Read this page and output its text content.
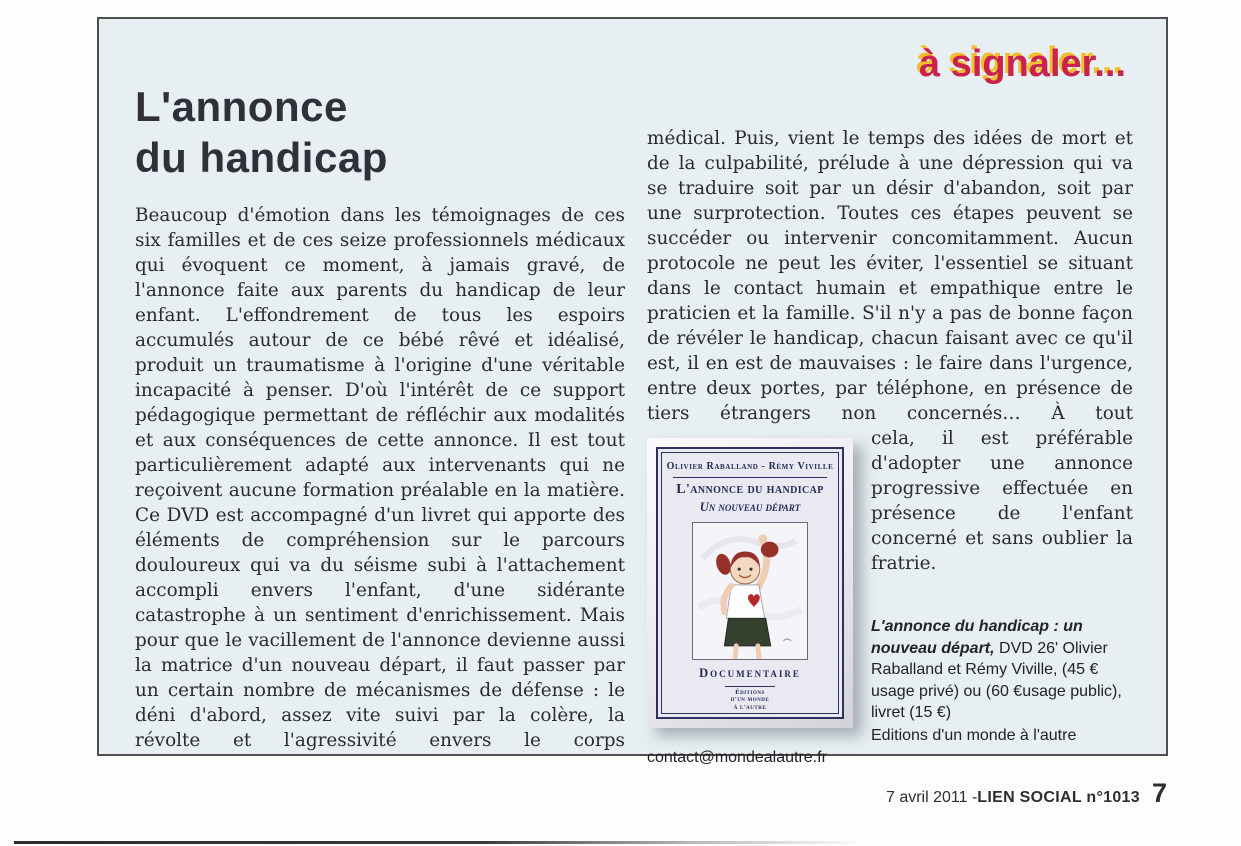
à signaler...
L'annonce
du handicap

Beaucoup d'émotion dans les témoignages de ces six familles et de ces seize professionnels médicaux qui évoquent ce moment, à jamais gravé, de l'annonce faite aux parents du handicap de leur enfant. L'effondrement de tous les espoirs accumulés autour de ce bébé rêvé et idéalisé, produit un traumatisme à l'origine d'une véritable incapacité à penser. D'où l'intérêt de ce support pédagogique permettant de réfléchir aux modalités et aux conséquences de cette annonce. Il est tout particulièrement adapté aux intervenants qui ne reçoivent aucune formation préalable en la matière. Ce DVD est accompagné d'un livret qui apporte des éléments de compréhension sur le parcours douloureux qui va du séisme subi à l'attachement accompli envers l'enfant, d'une sidérante catastrophe à un sentiment d'enrichissement. Mais pour que le vacillement de l'annonce devienne aussi la matrice d'un nouveau départ, il faut passer par un certain nombre de mécanismes de défense : le déni d'abord, assez vite suivi par la colère, la révolte et l'agressivité envers le corps

médical. Puis, vient le temps des idées de mort et de la culpabilité, prélude à une dépression qui va se traduire soit par un désir d'abandon, soit par une surprotection. Toutes ces étapes peuvent se succéder ou intervenir concomitamment. Aucun protocole ne peut les éviter, l'essentiel se situant dans le contact humain et empathique entre le praticien et la famille. S'il n'y a pas de bonne façon de révéler le handicap, chacun faisant avec ce qu'il est, il en est de mauvaises : le faire dans l'urgence, entre deux portes, par téléphone, en présence de tiers étrangers non concernés… À tout

Olivier Raballand - Rémy Viville
L'annonce du handicap
Un nouveau départ
Documentaire
Éditions
d'un monde
à l'autre

cela, il est préférable d'adopter une annonce progressive effectuée en présence de l'enfant concerné et sans oublier la fratrie.

L'annonce du handicap : un nouveau départ, DVD 26' Olivier Raballand et Rémy Viville, (45 € usage privé) ou (60 €usage public), livret (15 €)

Editions d'un monde à l'autre
contact@mondealautre.fr
7 avril 2011 - LIEN SOCIAL n°1013 7
